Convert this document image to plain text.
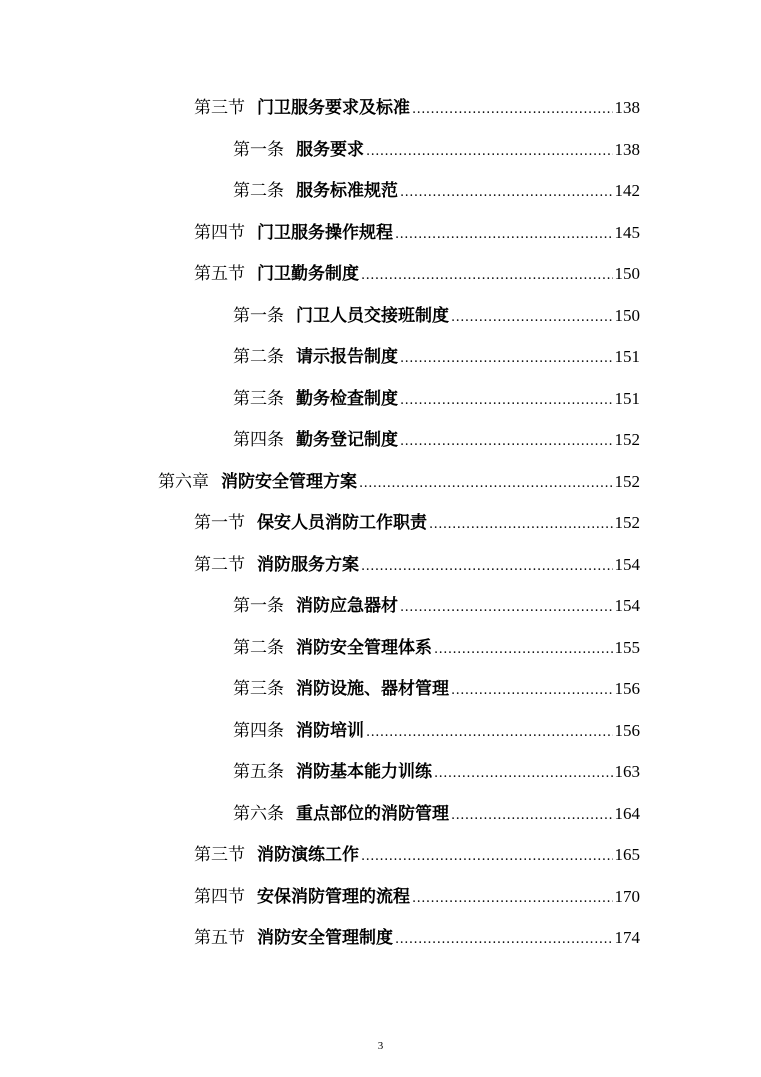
第三节 门卫服务要求及标准 .....	138
第一条 服务要求 .....	138
第二条 服务标准规范 .....	142
第四节 门卫服务操作规程 .....	145
第五节 门卫勤务制度 .....	150
第一条 门卫人员交接班制度 .....	150
第二条 请示报告制度 .....	151
第三条 勤务检查制度 .....	151
第四条 勤务登记制度 .....	152
第六章 消防安全管理方案 .....	152
第一节 保安人员消防工作职责 .....	152
第二节 消防服务方案 .....	154
第一条 消防应急器材 .....	154
第二条 消防安全管理体系 .....	155
第三条 消防设施、器材管理 .....	156
第四条 消防培训 .....	156
第五条 消防基本能力训练 .....	163
第六条 重点部位的消防管理 .....	164
第三节 消防演练工作 .....	165
第四节 安保消防管理的流程 .....	170
第五节 消防安全管理制度 .....	174
3
